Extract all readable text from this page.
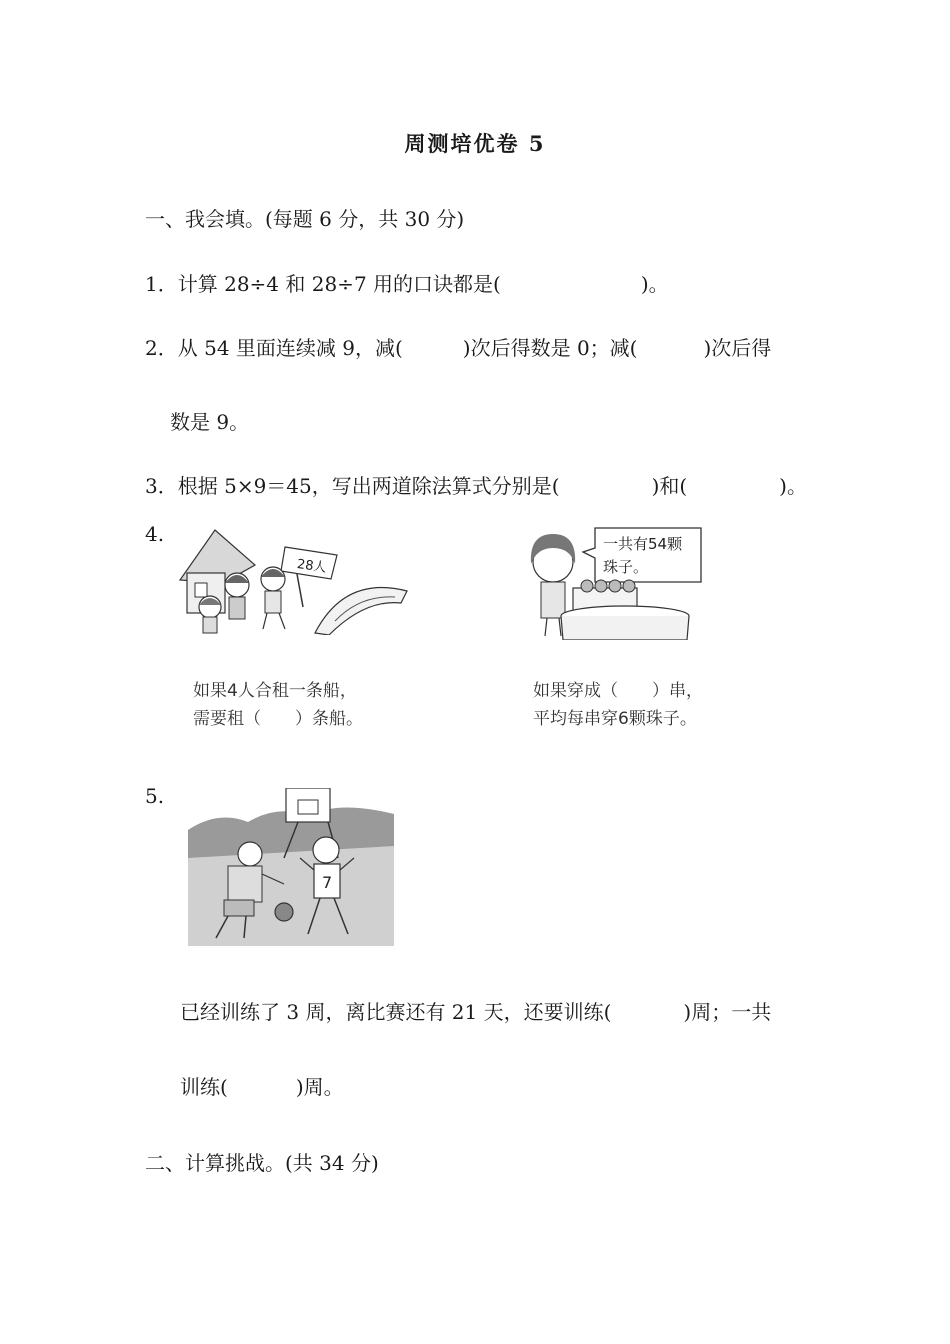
周测培优卷 5
一、我会填。(每题 6 分，共 30 分)
1．计算 28÷4 和 28÷7 用的口诀都是(	)。
2．从 54 里面连续减 9，减(	)次后得数是 0；减(	)次后得
数是 9。
3．根据 5×9＝45，写出两道除法算式分别是(	)和(	)。
4.
28人
如果4人合租一条船，
需要租（　　）条船。
一共有54颗
珠子。
如果穿成（　　）串，
平均每串穿6颗珠子。
5.
7
已经训练了 3 周，离比赛还有 21 天，还要训练(	)周；一共
训练(	)周。
二、计算挑战。(共 34 分)
